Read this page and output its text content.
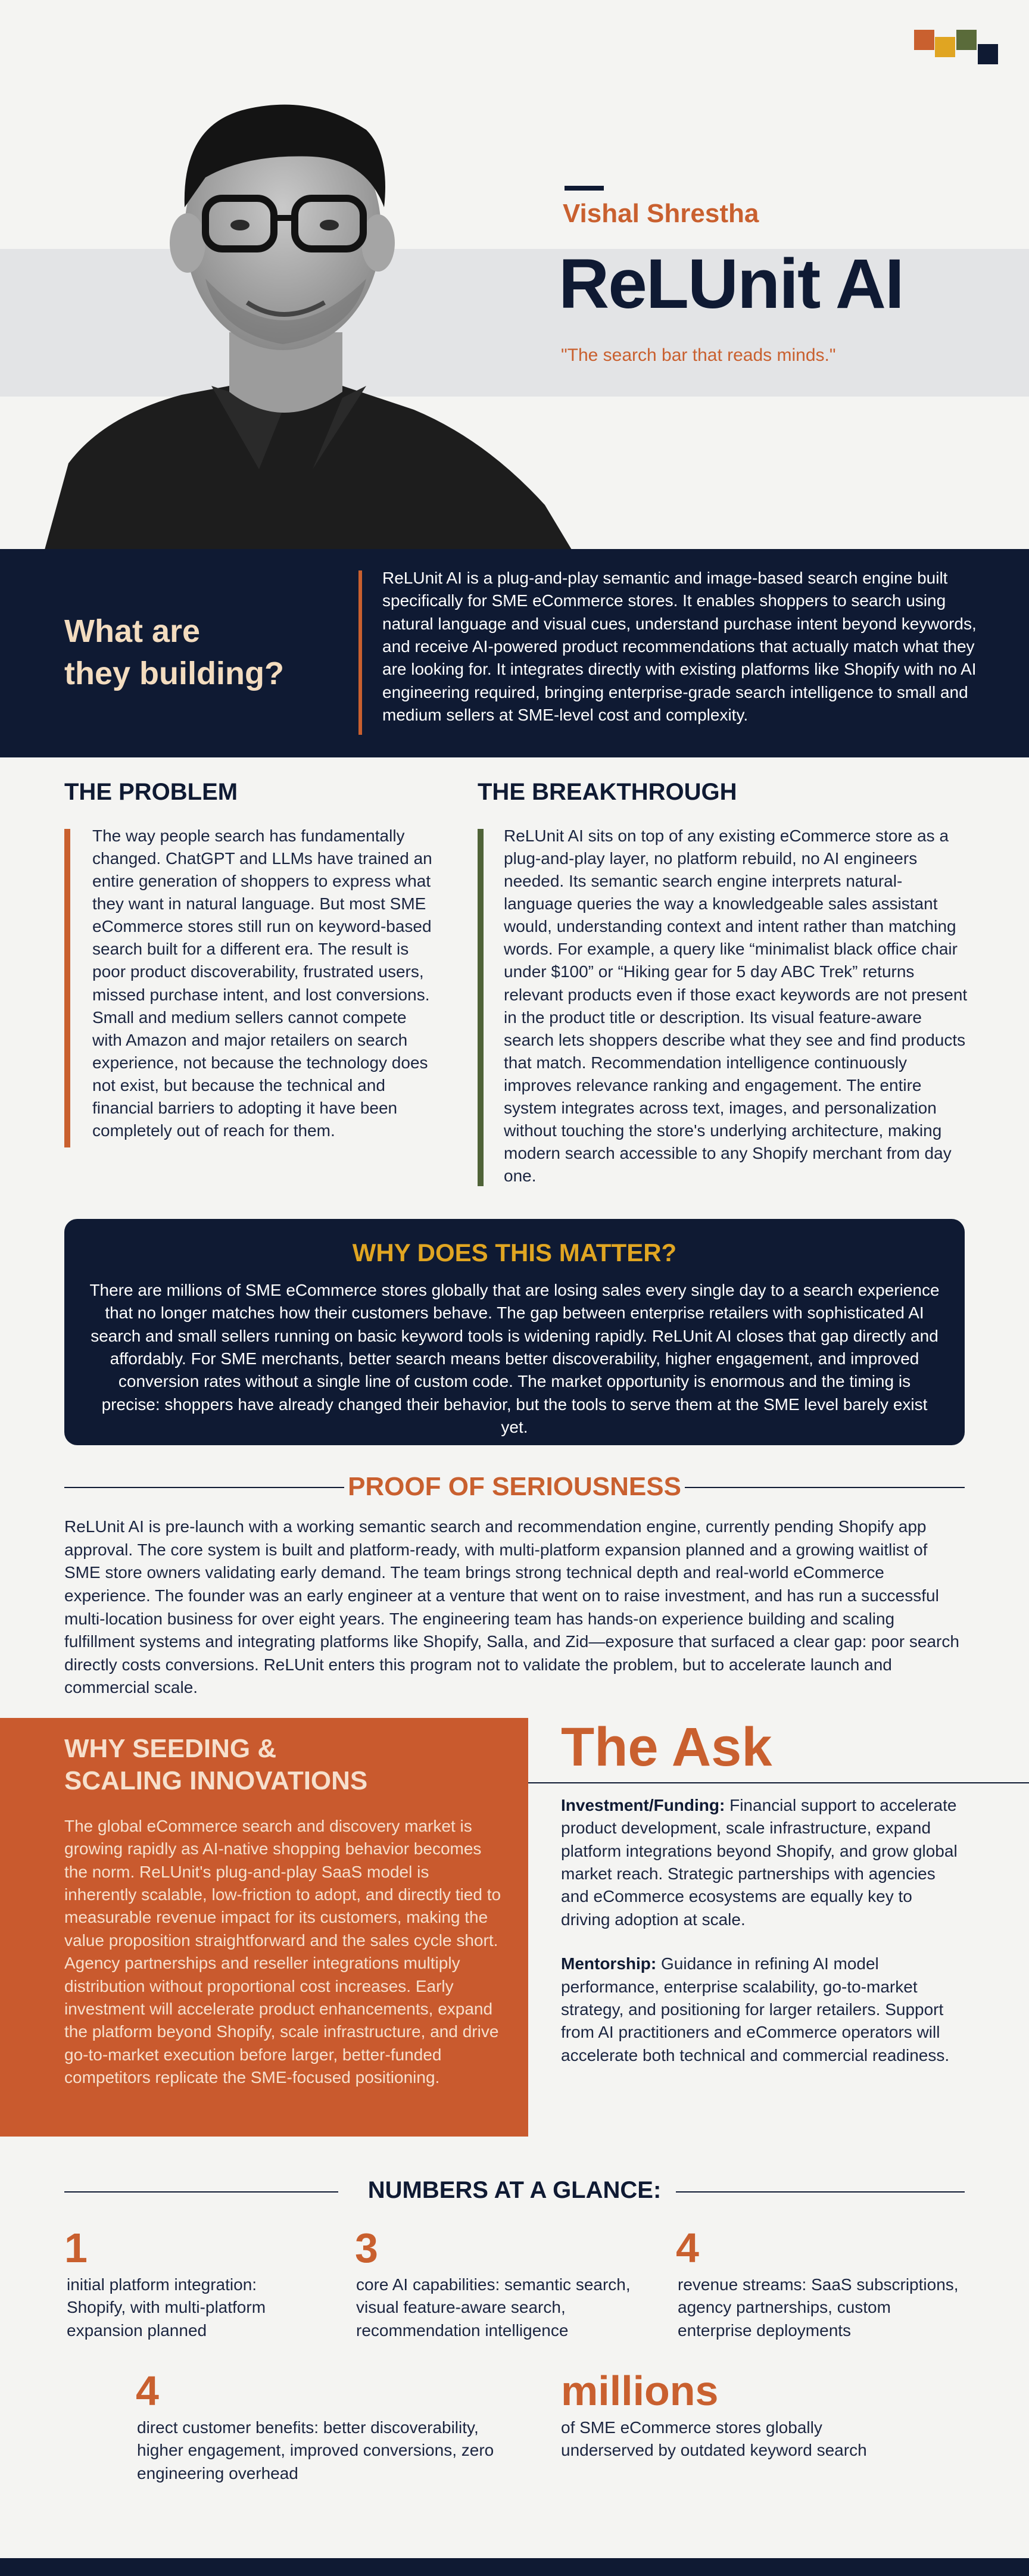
Vishal Shrestha
ReLUnit AI
"The search bar that reads minds."
What are
they building?
ReLUnit AI is a plug-and-play semantic and image-based search engine built specifically for SME eCommerce stores. It enables shoppers to search using natural language and visual cues, understand purchase intent beyond keywords, and receive AI-powered product recommendations that actually match what they are looking for. It integrates directly with existing platforms like Shopify with no AI engineering required, bringing enterprise-grade search intelligence to small and medium sellers at SME-level cost and complexity.
THE PROBLEM
The way people search has fundamentally changed. ChatGPT and LLMs have trained an entire generation of shoppers to express what they want in natural language. But most SME eCommerce stores still run on keyword-based search built for a different era. The result is poor product discoverability, frustrated users, missed purchase intent, and lost conversions. Small and medium sellers cannot compete with Amazon and major retailers on search experience, not because the technology does not exist, but because the technical and financial barriers to adopting it have been completely out of reach for them.
THE BREAKTHROUGH
ReLUnit AI sits on top of any existing eCommerce store as a plug-and-play layer, no platform rebuild, no AI engineers needed. Its semantic search engine interprets natural-language queries the way a knowledgeable sales assistant would, understanding context and intent rather than matching words. For example, a query like “minimalist black office chair under $100” or “Hiking gear for 5 day ABC Trek” returns relevant products even if those exact keywords are not present in the product title or description. Its visual feature-aware search lets shoppers describe what they see and find products that match. Recommendation intelligence continuously improves relevance ranking and engagement. The entire system integrates across text, images, and personalization without touching the store's underlying architecture, making modern search accessible to any Shopify merchant from day one.
WHY DOES THIS MATTER?
There are millions of SME eCommerce stores globally that are losing sales every single day to a search experience that no longer matches how their customers behave. The gap between enterprise retailers with sophisticated AI search and small sellers running on basic keyword tools is widening rapidly. ReLUnit AI closes that gap directly and affordably. For SME merchants, better search means better discoverability, higher engagement, and improved conversion rates without a single line of custom code. The market opportunity is enormous and the timing is precise: shoppers have already changed their behavior, but the tools to serve them at the SME level barely exist yet.
PROOF OF SERIOUSNESS
ReLUnit AI is pre-launch with a working semantic search and recommendation engine, currently pending Shopify app approval. The core system is built and platform-ready, with multi-platform expansion planned and a growing waitlist of SME store owners validating early demand. The team brings strong technical depth and real-world eCommerce experience. The founder was an early engineer at a venture that went on to raise investment, and has run a successful multi-location business for over eight years. The engineering team has hands-on experience building and scaling fulfillment systems and integrating platforms like Shopify, Salla, and Zid—exposure that surfaced a clear gap: poor search directly costs conversions. ReLUnit enters this program not to validate the problem, but to accelerate launch and commercial scale.
WHY SEEDING &
SCALING INNOVATIONS
The global eCommerce search and discovery market is growing rapidly as AI-native shopping behavior becomes the norm. ReLUnit's plug-and-play SaaS model is inherently scalable, low-friction to adopt, and directly tied to measurable revenue impact for its customers, making the value proposition straightforward and the sales cycle short. Agency partnerships and reseller integrations multiply distribution without proportional cost increases. Early investment will accelerate product enhancements, expand the platform beyond Shopify, scale infrastructure, and drive go-to-market execution before larger, better-funded competitors replicate the SME-focused positioning.
The Ask
Investment/Funding: Financial support to accelerate product development, scale infrastructure, expand platform integrations beyond Shopify, and grow global market reach. Strategic partnerships with agencies and eCommerce ecosystems are equally key to driving adoption at scale.
Mentorship: Guidance in refining AI model performance, enterprise scalability, go-to-market strategy, and positioning for larger retailers. Support from AI practitioners and eCommerce operators will accelerate both technical and commercial readiness.
NUMBERS AT A GLANCE:
1
initial platform integration: Shopify, with multi-platform expansion planned
3
core AI capabilities: semantic search, visual feature-aware search, recommendation intelligence
4
revenue streams: SaaS subscriptions, agency partnerships, custom enterprise deployments
4
direct customer benefits: better discoverability, higher engagement, improved conversions, zero engineering overhead
millions
of SME eCommerce stores globally underserved by outdated keyword search
